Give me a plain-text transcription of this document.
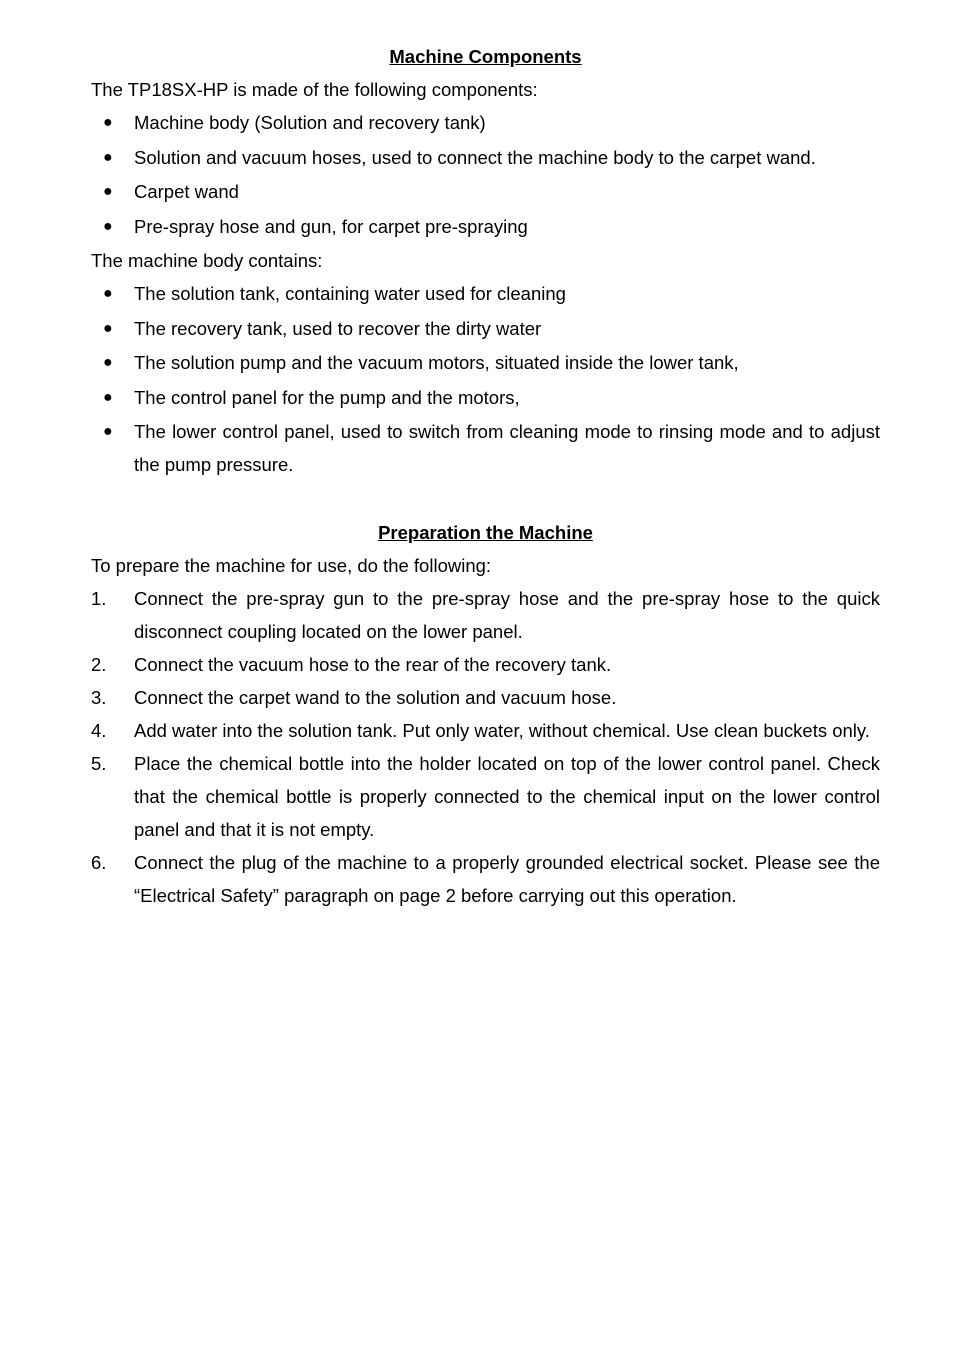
Machine Components
The TP18SX-HP is made of the following components:
● Machine body (Solution and recovery tank)
● Solution and vacuum hoses, used to connect the machine body to the carpet wand.
● Carpet wand
● Pre-spray hose and gun, for carpet pre-spraying
The machine body contains:
● The solution tank, containing water used for cleaning
● The recovery tank, used to recover the dirty water
● The solution pump and the vacuum motors, situated inside the lower tank,
● The control panel for the pump and the motors,
● The lower control panel, used to switch from cleaning mode to rinsing mode and to adjust the pump pressure.
Preparation the Machine
To prepare the machine for use, do the following:
1. Connect the pre-spray gun to the pre-spray hose and the pre-spray hose to the quick disconnect coupling located on the lower panel.
2. Connect the vacuum hose to the rear of the recovery tank.
3. Connect the carpet wand to the solution and vacuum hose.
4. Add water into the solution tank. Put only water, without chemical. Use clean buckets only.
5. Place the chemical bottle into the holder located on top of the lower control panel. Check that the chemical bottle is properly connected to the chemical input on the lower control panel and that it is not empty.
6. Connect the plug of the machine to a properly grounded electrical socket. Please see the “Electrical Safety” paragraph on page 2 before carrying out this operation.
